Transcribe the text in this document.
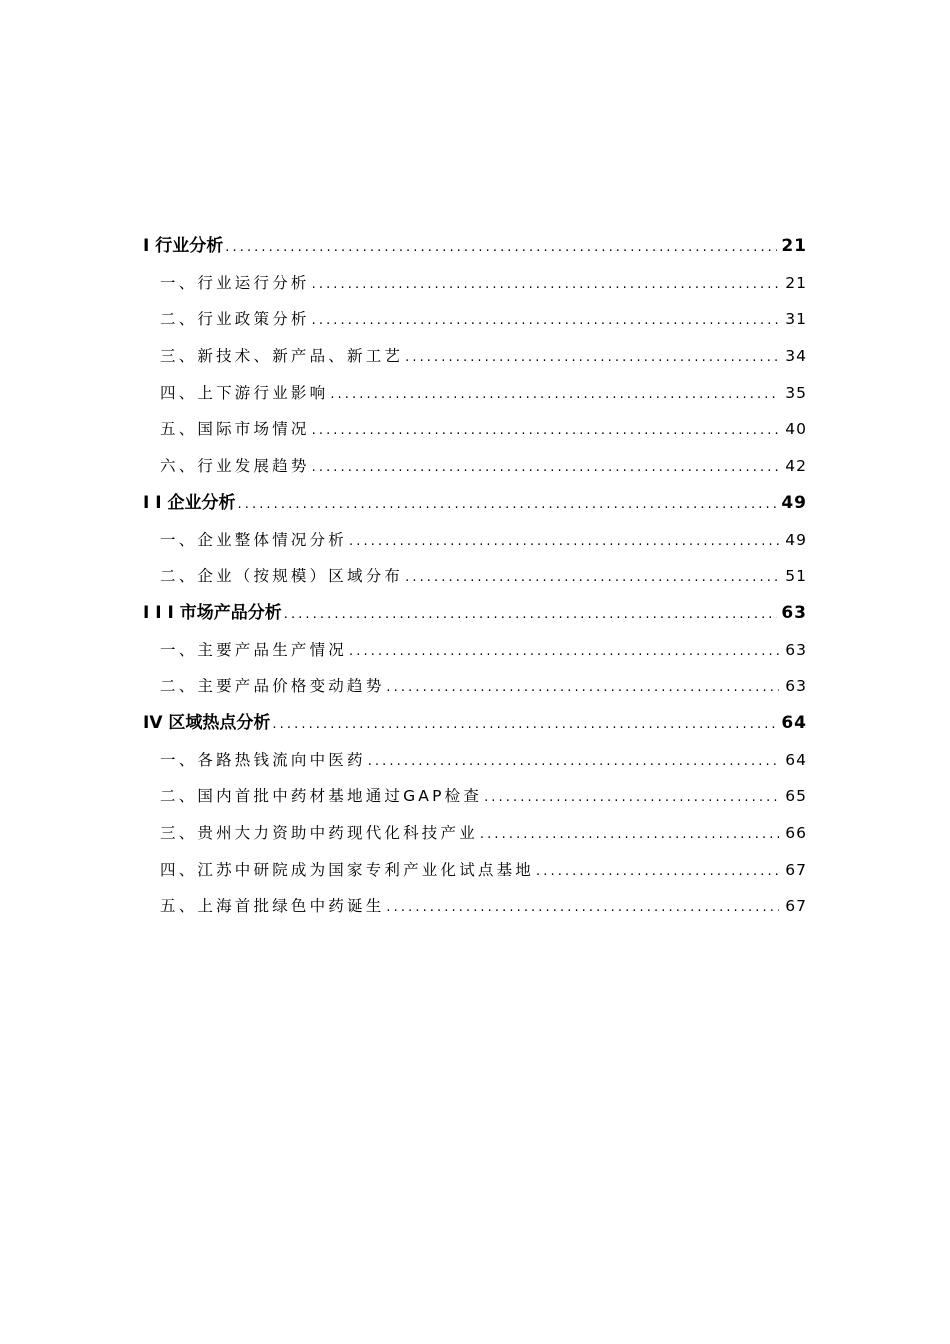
I 行业分析 .....	21
一、行业运行分析 .....	21
二、行业政策分析 .....	31
三、新技术、新产品、新工艺 .....	34
四、上下游行业影响 .....	35
五、国际市场情况 .....	40
六、行业发展趋势 .....	42
I I 企业分析 .....	49
一、企业整体情况分析 .....	49
二、企业（按规模）区域分布 .....	51
I I I 市场产品分析 .....	63
一、主要产品生产情况 .....	63
二、主要产品价格变动趋势 .....	63
IV 区域热点分析 .....	64
一、各路热钱流向中医药 .....	64
二、国内首批中药材基地通过GAP检查 .....	65
三、贵州大力资助中药现代化科技产业 .....	66
四、江苏中研院成为国家专利产业化试点基地 .....	67
五、上海首批绿色中药诞生 .....	67
